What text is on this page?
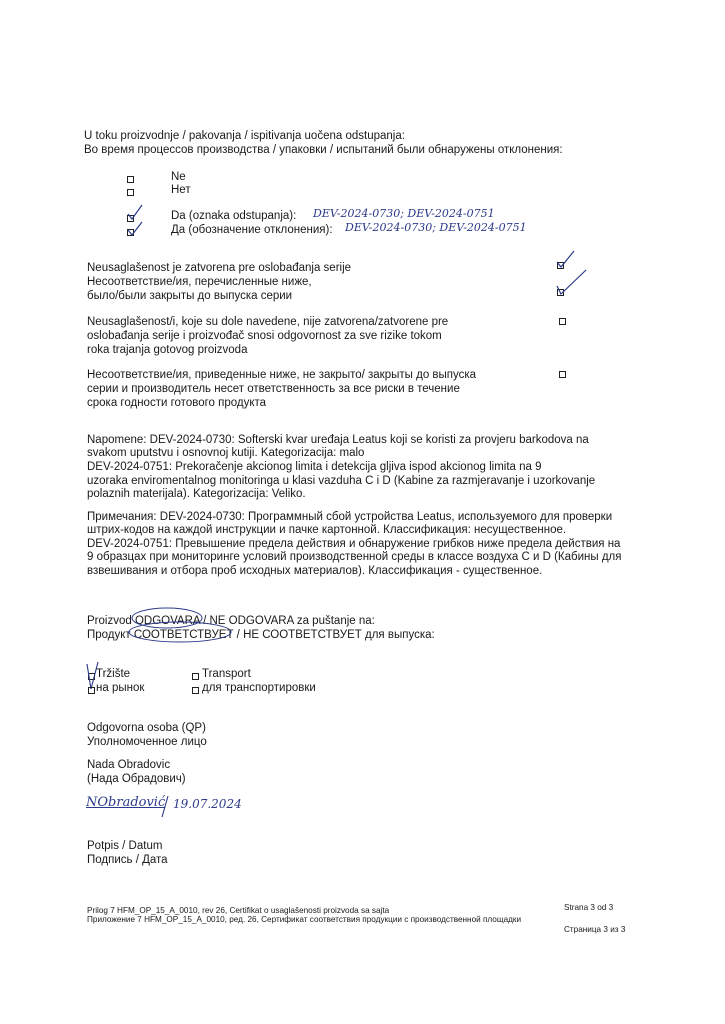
U toku proizvodnje / pakovanja / ispitivanja uočena odstupanja:
Во время процессов производства / упаковки / испытаний были обнаружены отклонения:
Ne
Нет
Da (oznaka odstupanja): DEV-2024-0730; DEV-2024-0751
Да (обозначение отклонения): DEV-2024-0730; DEV-2024-0751
Neusaglašenost je zatvorena pre oslobađanja serije
Несоответствие/ия, перечисленные ниже,
было/были закрыты до выпуска серии
Neusaglašenost/i, koje su dole navedene, nije zatvorena/zatvorene pre
oslobađanja serije i proizvođač snosi odgovornost za sve rizike tokom
roka trajanja gotovog proizvoda
Несоответствие/ия, приведенные ниже, не закрыто/ закрыты до выпуска
серии и производитель несет ответственность за все риски в течение
срока годности готового продукта
Napomene: DEV-2024-0730: Softerski kvar uređaja Leatus koji se koristi za provjeru barkodova na
svakom uputstvu i osnovnoj kutiji. Kategorizacija: malo
DEV-2024-0751: Prekoračenje akcionog limita i detekcija gljiva ispod akcionog limita na 9
uzoraka enviromentalnog monitoringa u klasi vazduha C i D (Kabine za razmjeravanje i uzorkovanje
polaznih materijala). Kategorizacija: Veliko.
Примечания: DEV-2024-0730: Программный сбой устройства Leatus, используемого для проверки
штрих-кодов на каждой инструкции и пачке картонной. Классификация: несущественное.
DEV-2024-0751: Превышение предела действия и обнаружение грибков ниже предела действия на
9 образцах при мониторинге условий производственной среды в классе воздуха C и D (Кабины для
взвешивания и отбора проб исходных материалов). Классификация - существенное.
Proizvod ODGOVARA / NE ODGOVARA za puštanje na:
Продукт СООТВЕТСТВУЕТ / НЕ СООТВЕТСТВУЕТ для выпуска:
Tržište
на рынок
Transport
для транспортировки
Odgovorna osoba (QP)
Уполномоченное лицо
Nada Obradovic
(Нада Обрадович)
NObradović 19.07.2024
Potpis / Datum
Подпись / Дата
Prilog 7 HFM_OP_15_A_0010, rev 26, Certifikat o usaglašenosti proizvoda sa sajta
Приложение 7 HFM_OP_15_A_0010, ред. 26, Сертификат соответствия продукции с производственной площадки
Strana 3 od 3
Страница 3 из 3
